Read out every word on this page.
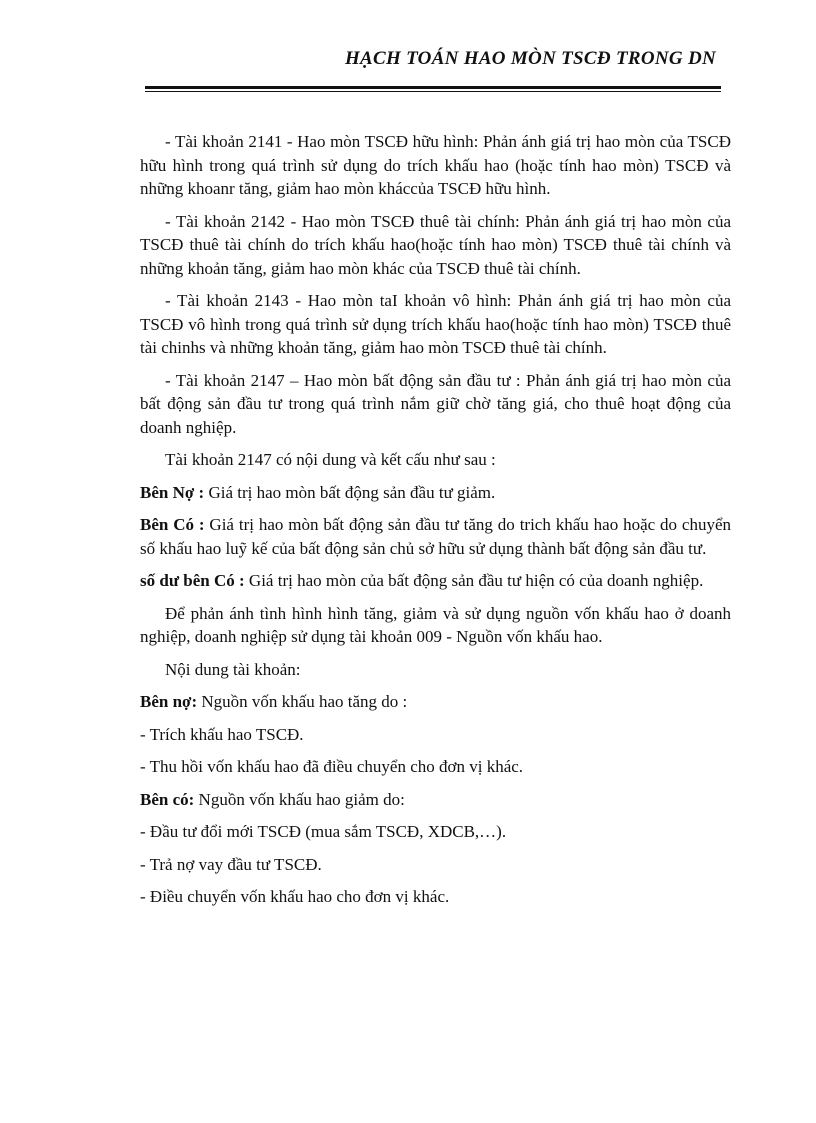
HẠCH TOÁN HAO MÒN TSCĐ TRONG DN

- Tài khoản 2141 - Hao mòn TSCĐ hữu hình: Phản ánh giá trị hao mòn của TSCĐ hữu hình trong quá trình sử dụng do trích khấu hao (hoặc tính hao mòn) TSCĐ và những khoanr tăng, giảm hao mòn kháccủa TSCĐ hữu hình.

- Tài khoản 2142 - Hao mòn TSCĐ thuê tài chính: Phản ánh giá trị hao mòn của TSCĐ thuê tài chính do trích khấu hao(hoặc tính hao mòn) TSCĐ thuê tài chính và những khoản tăng, giảm hao mòn khác của TSCĐ thuê tài chính.

- Tài khoản 2143 - Hao mòn taI khoản vô hình: Phản ánh giá trị hao mòn của TSCĐ vô hình trong quá trình sử dụng trích khấu hao(hoặc tính hao mòn) TSCĐ thuê tài chinhs và những khoản tăng, giảm hao mòn TSCĐ thuê tài chính.

- Tài khoản 2147 – Hao mòn bất động sản đầu tư : Phản ánh giá trị hao mòn của bất động sản đầu tư trong quá trình nắm giữ chờ tăng giá, cho thuê hoạt động của doanh nghiệp.

Tài khoản 2147 có nội dung và kết cấu như sau :

Bên Nợ : Giá trị hao mòn bất động sản đầu tư giảm.

Bên Có : Giá trị hao mòn bất động sản đầu tư tăng do trich khấu hao hoặc do chuyển số khấu hao luỹ kế của bất động sản chủ sở hữu sử dụng thành bất động sản đầu tư.

số dư bên Có : Giá trị hao mòn của bất động sản đầu tư hiện có của doanh nghiệp.

Để phản ánh tình hình hình tăng, giảm và sử dụng nguồn vốn khấu hao ở doanh nghiệp, doanh nghiệp sử dụng tài khoản 009 - Nguồn vốn khấu hao.

Nội dung tài khoản:

Bên nợ: Nguồn vốn khấu hao tăng do :

- Trích khấu hao TSCĐ.

- Thu hồi vốn khấu hao đã điều chuyển cho đơn vị khác.

Bên có: Nguồn vốn khấu hao giảm do:

- Đầu tư đổi mới TSCĐ (mua sắm TSCĐ, XDCB,…).

- Trả nợ vay đầu tư TSCĐ.

- Điều chuyển vốn khấu hao cho đơn vị khác.
